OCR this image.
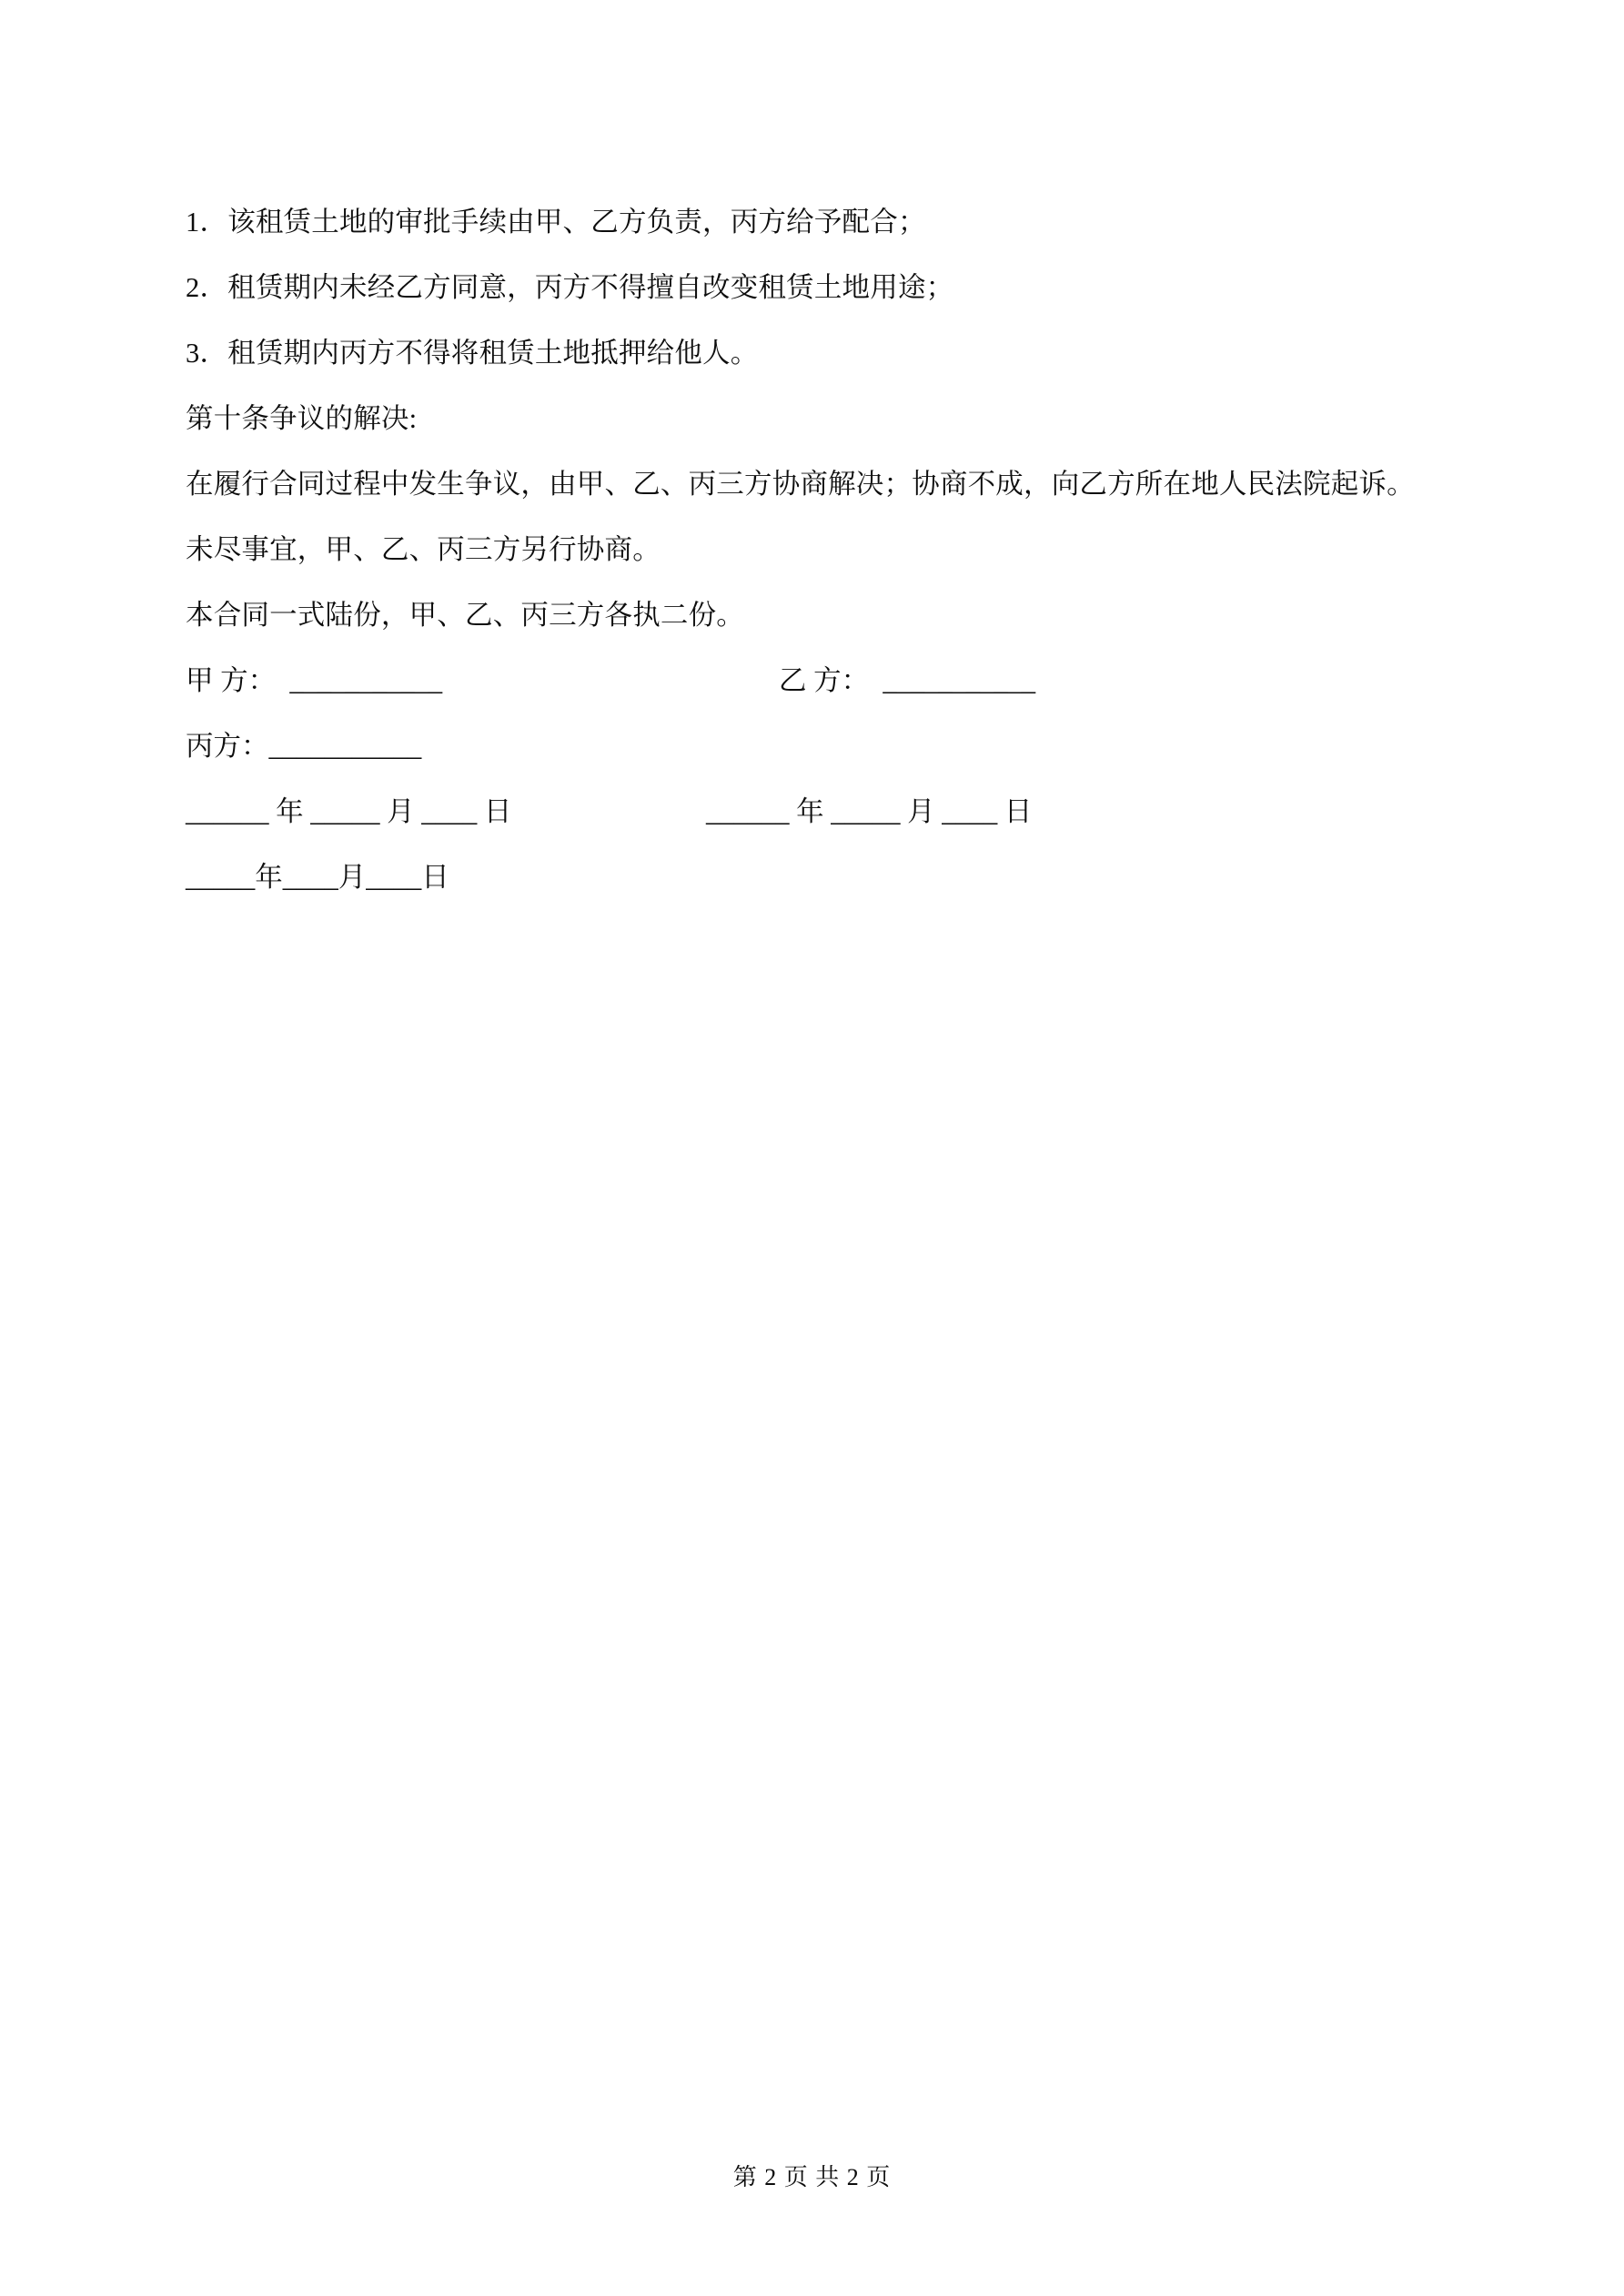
1．该租赁土地的审批手续由甲、乙方负责，丙方给予配合；
2．租赁期内未经乙方同意，丙方不得擅自改变租赁土地用途；
3．租赁期内丙方不得将租赁土地抵押给他人。
第十条争议的解决:
在履行合同过程中发生争议，由甲、乙、丙三方协商解决；协商不成，向乙方所在地人民法院起诉。
未尽事宜，甲、乙、丙三方另行协商。
本合同一式陆份，甲、乙、丙三方各执二份。
甲 方：  ___________	乙 方：  ___________
丙方：___________
______ 年 _____ 月 ____ 日	______ 年 _____ 月 ____ 日
_____年____月____日
第 2 页 共 2 页
